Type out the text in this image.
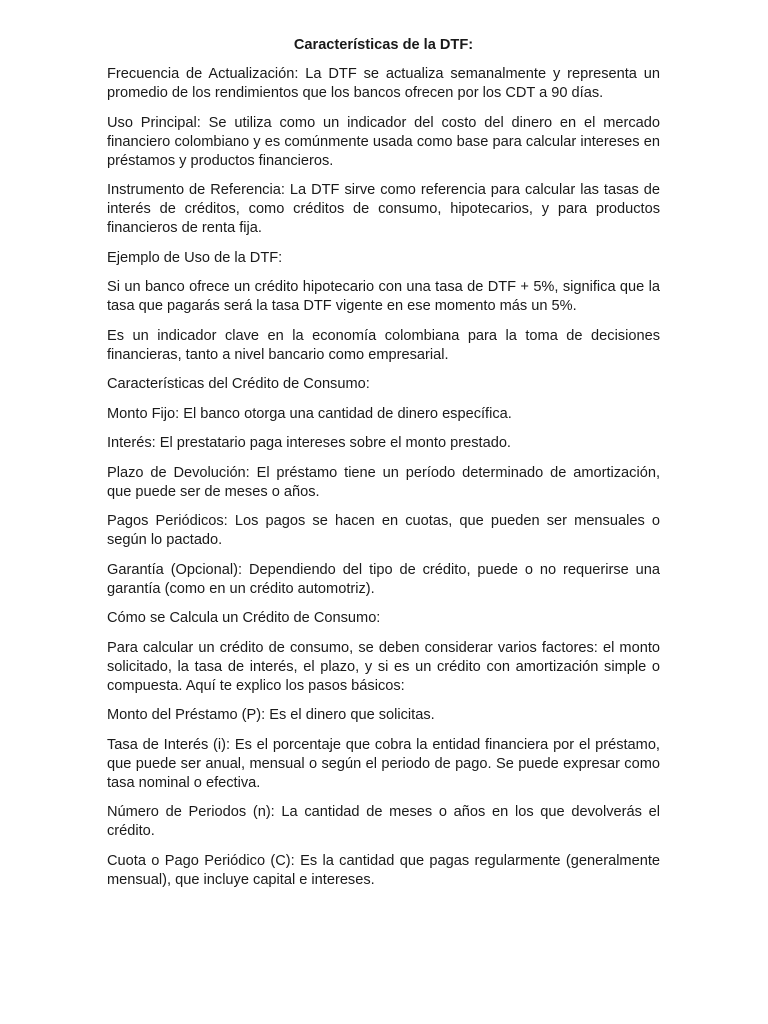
Características de la DTF:

Frecuencia de Actualización: La DTF se actualiza semanalmente y representa un promedio de los rendimientos que los bancos ofrecen por los CDT a 90 días.

Uso Principal: Se utiliza como un indicador del costo del dinero en el mercado financiero colombiano y es comúnmente usada como base para calcular intereses en préstamos y productos financieros.

Instrumento de Referencia: La DTF sirve como referencia para calcular las tasas de interés de créditos, como créditos de consumo, hipotecarios, y para productos financieros de renta fija.

Ejemplo de Uso de la DTF:

Si un banco ofrece un crédito hipotecario con una tasa de DTF + 5%, significa que la tasa que pagarás será la tasa DTF vigente en ese momento más un 5%.

Es un indicador clave en la economía colombiana para la toma de decisiones financieras, tanto a nivel bancario como empresarial.

Características del Crédito de Consumo:

Monto Fijo: El banco otorga una cantidad de dinero específica.

Interés: El prestatario paga intereses sobre el monto prestado.

Plazo de Devolución: El préstamo tiene un período determinado de amortización, que puede ser de meses o años.

Pagos Periódicos: Los pagos se hacen en cuotas, que pueden ser mensuales o según lo pactado.

Garantía (Opcional): Dependiendo del tipo de crédito, puede o no requerirse una garantía (como en un crédito automotriz).

Cómo se Calcula un Crédito de Consumo:

Para calcular un crédito de consumo, se deben considerar varios factores: el monto solicitado, la tasa de interés, el plazo, y si es un crédito con amortización simple o compuesta. Aquí te explico los pasos básicos:

Monto del Préstamo (P): Es el dinero que solicitas.

Tasa de Interés (i): Es el porcentaje que cobra la entidad financiera por el préstamo, que puede ser anual, mensual o según el periodo de pago. Se puede expresar como tasa nominal o efectiva.

Número de Periodos (n): La cantidad de meses o años en los que devolverás el crédito.

Cuota o Pago Periódico (C): Es la cantidad que pagas regularmente (generalmente mensual), que incluye capital e intereses.
